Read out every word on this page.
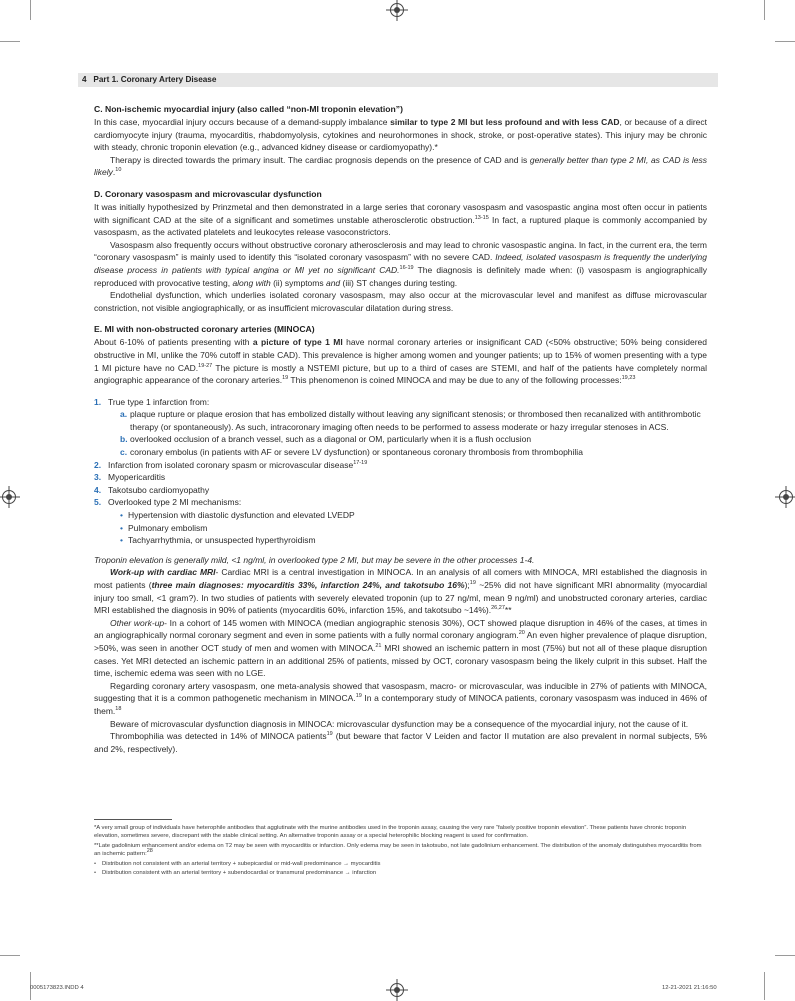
4 Part 1. Coronary Artery Disease
C. Non-ischemic myocardial injury (also called “non-MI troponin elevation”)

In this case, myocardial injury occurs because of a demand-supply imbalance similar to type 2 MI but less profound and with less CAD, or because of a direct cardiomyocyte injury (trauma, myocarditis, rhabdomyolysis, cytokines and neurohormones in shock, stroke, or post-operative states). This injury may be chronic with steady, chronic troponin elevation (e.g., advanced kidney disease or cardiomyopathy).*

Therapy is directed towards the primary insult. The cardiac prognosis depends on the presence of CAD and is generally better than type 2 MI, as CAD is less likely.$^{10}$

D. Coronary vasospasm and microvascular dysfunction

It was initially hypothesized by Prinzmetal and then demonstrated in a large series that coronary vasospasm and vasospastic angina most often occur in patients with significant CAD at the site of a significant and sometimes unstable atherosclerotic obstruction.$^{13-15}$ In fact, a ruptured plaque is commonly accompanied by vasospasm, as the activated platelets and leukocytes release vasoconstrictors.

Vasospasm also frequently occurs without obstructive coronary atherosclerosis and may lead to chronic vasospastic angina. In fact, in the current era, the term “coronary vasospasm” is mainly used to identify this “isolated coronary vasospasm” with no severe CAD. Indeed, isolated vasospasm is frequently the underlying disease process in patients with typical angina or MI yet no significant CAD.$^{16-19}$ The diagnosis is definitely made when: (i) vasospasm is angiographically reproduced with provocative testing, along with (ii) symptoms and (iii) ST changes during testing.

Endothelial dysfunction, which underlies isolated coronary vasospasm, may also occur at the microvascular level and manifest as diffuse microvascular constriction, not visible angiographically, or as insufficient microvascular dilatation during stress.

E. MI with non-obstructed coronary arteries (MINOCA)

About 6-10% of patients presenting with a picture of type 1 MI have normal coronary arteries or insignificant CAD (<50% obstructive; 50% being considered obstructive in MI, unlike the 70% cutoff in stable CAD). This prevalence is higher among women and younger patients; up to 15% of women presenting with a type 1 MI picture have no CAD.$^{19-27}$ The picture is mostly a NSTEMI picture, but up to a third of cases are STEMI, and half of the patients have completely normal angiographic appearance of the coronary arteries.$^{19}$ This phenomenon is coined MINOCA and may be due to any of the following processes:$^{19,23}$

1. True type 1 infarction from:
a. plaque rupture or plaque erosion that has embolized distally without leaving any significant stenosis; or thrombosed then recanalized with antithrombotic therapy (or spontaneously). As such, intracoronary imaging often needs to be performed to assess moderate or hazy irregular stenoses in ACS.
b. overlooked occlusion of a branch vessel, such as a diagonal or OM, particularly when it is a flush occlusion
c. coronary embolus (in patients with AF or severe LV dysfunction) or spontaneous coronary thrombosis from thrombophilia
2. Infarction from isolated coronary spasm or microvascular disease$^{17-19}$
3. Myopericarditis
4. Takotsubo cardiomyopathy
5. Overlooked type 2 MI mechanisms:
• Hypertension with diastolic dysfunction and elevated LVEDP
• Pulmonary embolism
• Tachyarrhythmia, or unsuspected hyperthyroidism

Troponin elevation is generally mild, <1 ng/ml, in overlooked type 2 MI, but may be severe in the other processes 1-4.

Work-up with cardiac MRI- Cardiac MRI is a central investigation in MINOCA. In an analysis of all comers with MINOCA, MRI established the diagnosis in most patients (three main diagnoses: myocarditis 33%, infarction 24%, and takotsubo 16%);$^{19}$ ~25% did not have significant MRI abnormality (myocardial injury too small, <1 gram?). In two studies of patients with severely elevated troponin (up to 27 ng/ml, mean 9 ng/ml) and unobstructed coronary arteries, cardiac MRI established the diagnosis in 90% of patients (myocarditis 60%, infarction 15%, and takotsubo ~14%).$^{26,27}$**

Other work-up- In a cohort of 145 women with MINOCA (median angiographic stenosis 30%), OCT showed plaque disruption in 46% of the cases, at times in an angiographically normal coronary segment and even in some patients with a fully normal coronary angiogram.$^{20}$ An even higher prevalence of plaque disruption, >50%, was seen in another OCT study of men and women with MINOCA.$^{21}$ MRI showed an ischemic pattern in most (75%) but not all of these plaque disruption cases. Yet MRI detected an ischemic pattern in an additional 25% of patients, missed by OCT, coronary vasospasm being the likely culprit in this subset. Half the time, ischemic edema was seen with no LGE.

Regarding coronary artery vasospasm, one meta-analysis showed that vasospasm, macro- or microvascular, was inducible in 27% of patients with MINOCA, suggesting that it is a common pathogenetic mechanism in MINOCA.$^{19}$ In a contemporary study of MINOCA patients, coronary vasospasm was induced in 46% of them.$^{18}$

Beware of microvascular dysfunction diagnosis in MINOCA: microvascular dysfunction may be a consequence of the myocardial injury, not the cause of it.

Thrombophilia was detected in 14% of MINOCA patients$^{19}$ (but beware that factor V Leiden and factor II mutation are also prevalent in normal subjects, 5% and 2%, respectively).

*A very small group of individuals have heterophile antibodies that agglutinate with the murine antibodies used in the troponin assay, causing the very rare “falsely positive troponin elevation”. These patients have chronic troponin elevation, sometimes severe, discrepant with the stable clinical setting. An alternative troponin assay or a special heterophilic blocking reagent is used for confirmation.

**Late gadolinium enhancement and/or edema on T2 may be seen with myocarditis or infarction. Only edema may be seen in takotsubo, not late gadolinium enhancement. The distribution of the anomaly distinguishes myocarditis from an ischemic pattern:$^{28}$

• Distribution not consistent with an arterial territory + subepicardial or mid-wall predominance → myocarditis

• Distribution consistent with an arterial territory + subendocardial or transmural predominance → infarction

0005173823.INDD 4	12-21-2021 21:16:50
